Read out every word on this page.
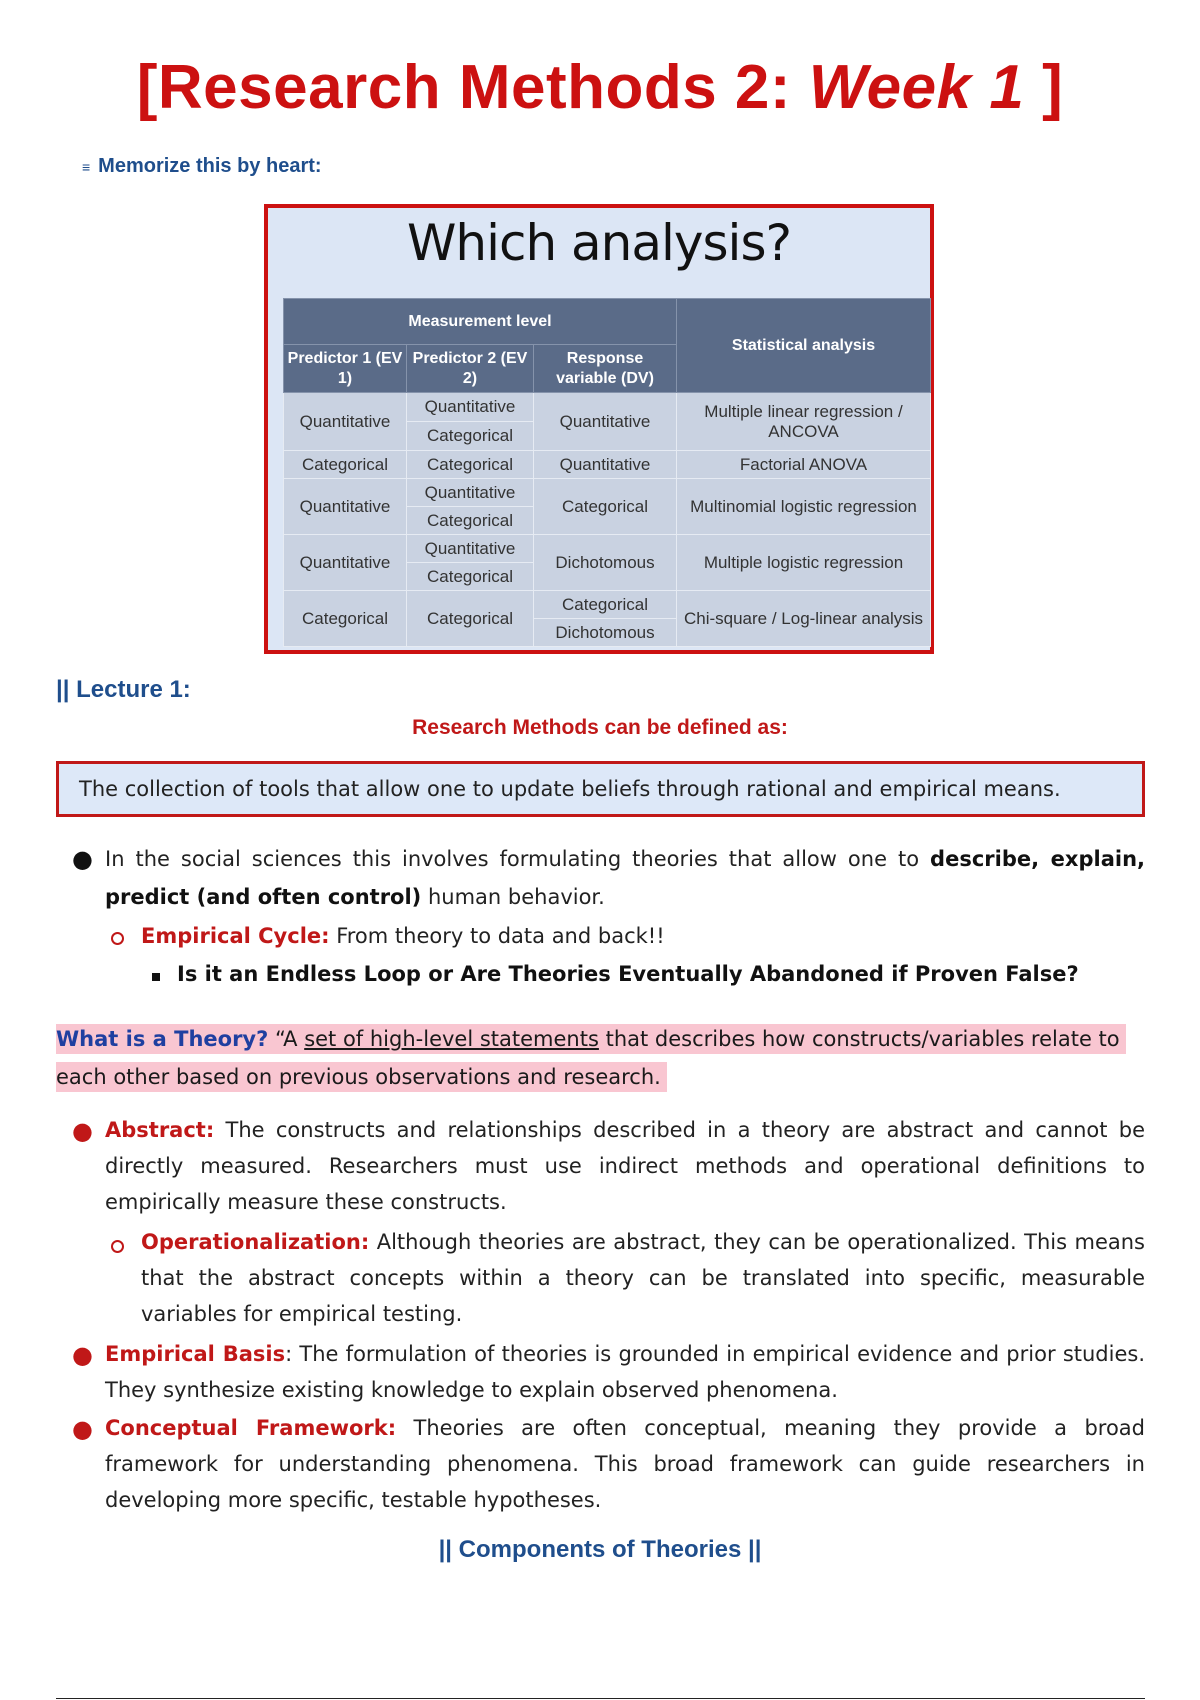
[Research Methods 2: Week 1 ]
≡ Memorize this by heart:
Which analysis?
Measurement level			Statistical analysis
Predictor 1 (EV 1)	Predictor 2 (EV 2)	Response variable (DV)	
Quantitative	Quantitative	Quantitative	Multiple linear regression / ANCOVA
	Categorical		
Categorical	Categorical	Quantitative	Factorial ANOVA
Quantitative	Quantitative	Categorical	Multinomial logistic regression
	Categorical		
Quantitative	Quantitative	Dichotomous	Multiple logistic regression
	Categorical		
Categorical	Categorical	Categorical	Chi-square / Log-linear analysis
		Dichotomous	
|| Lecture 1:
Research Methods can be defined as:
The collection of tools that allow one to update beliefs through rational and empirical means.
● In the social sciences this involves formulating theories that allow one to describe, explain, predict (and often control) human behavior.
Empirical Cycle: From theory to data and back!!
Is it an Endless Loop or Are Theories Eventually Abandoned if Proven False?
What is a Theory? “A set of high-level statements that describes how constructs/variables relate to
each other based on previous observations and research.
● Abstract: The constructs and relationships described in a theory are abstract and cannot be directly measured. Researchers must use indirect methods and operational definitions to empirically measure these constructs.
Operationalization: Although theories are abstract, they can be operationalized. This means that the abstract concepts within a theory can be translated into specific, measurable variables for empirical testing.
● Empirical Basis: The formulation of theories is grounded in empirical evidence and prior studies. They synthesize existing knowledge to explain observed phenomena.
● Conceptual Framework: Theories are often conceptual, meaning they provide a broad framework for understanding phenomena. This broad framework can guide researchers in developing more specific, testable hypotheses.
|| Components of Theories ||
